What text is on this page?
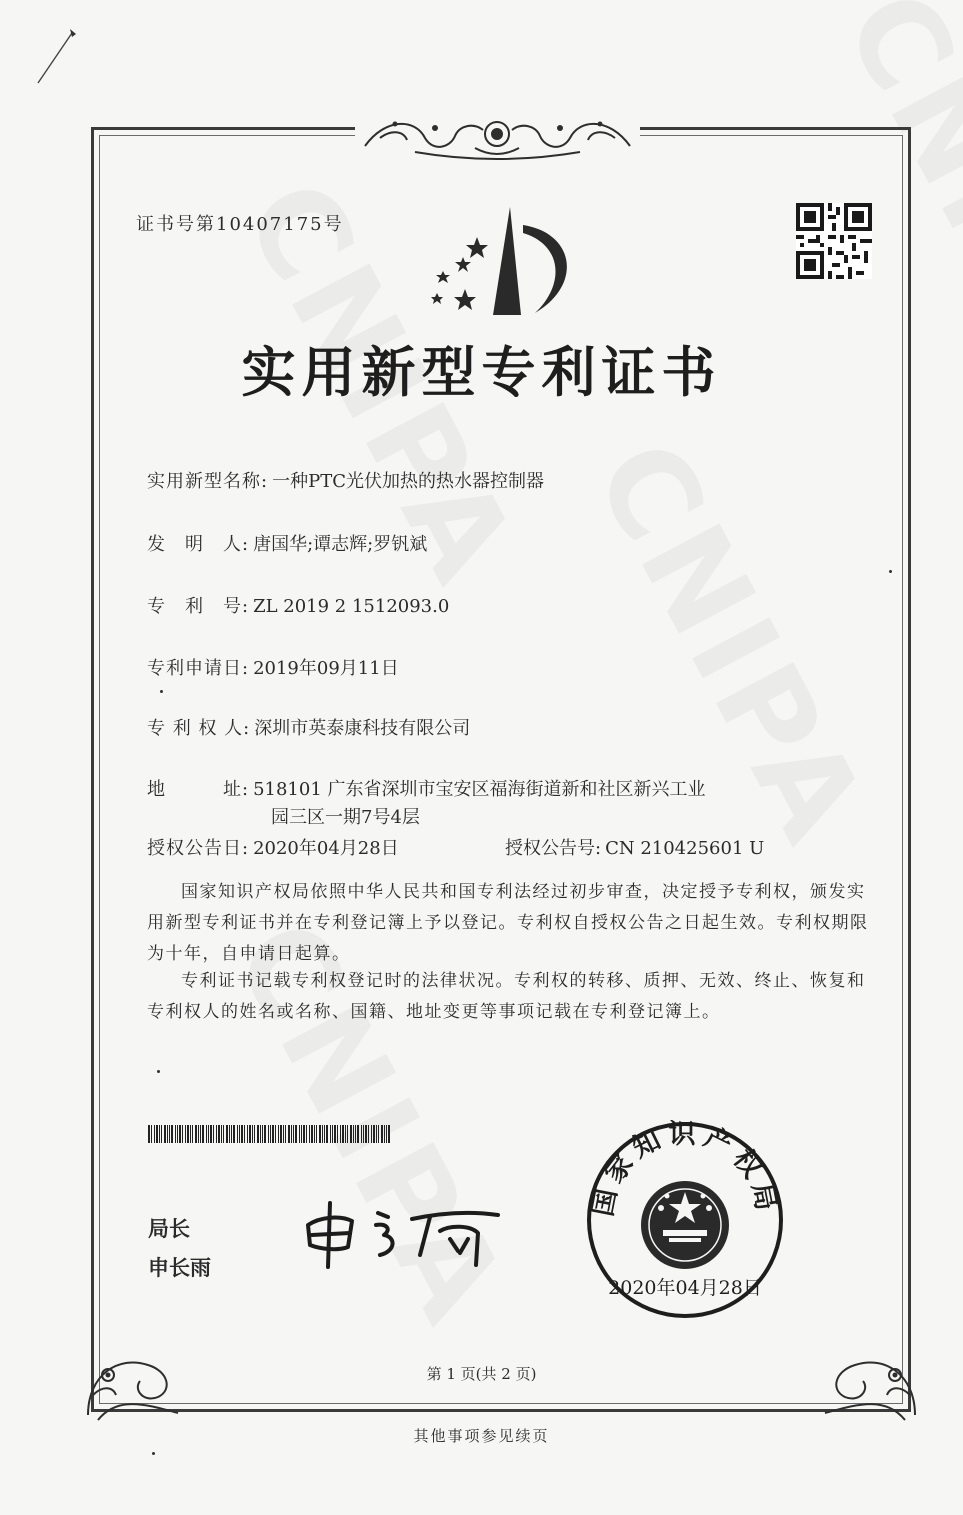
证书号第10407175号
实用新型专利证书
实用新型名称: 一种PTC光伏加热的热水器控制器
发　明　人: 唐国华;谭志辉;罗钒斌
专　利　号: ZL 2019 2 1512093.0
专利申请日: 2019年09月11日
专 利 权 人: 深圳市英泰康科技有限公司
地　　　址: 518101 广东省深圳市宝安区福海街道新和社区新兴工业
园三区一期7号4层
授权公告日: 2020年04月28日	授权公告号: CN 210425601 U
国家知识产权局依照中华人民共和国专利法经过初步审查，决定授予专利权，颁发实用新型专利证书并在专利登记簿上予以登记。专利权自授权公告之日起生效。专利权期限为十年，自申请日起算。
专利证书记载专利权登记时的法律状况。专利权的转移、质押、无效、终止、恢复和专利权人的姓名或名称、国籍、地址变更等事项记载在专利登记簿上。
局长
申长雨
国家知识产权局
2020年04月28日
第 1 页(共 2 页)
其他事项参见续页
